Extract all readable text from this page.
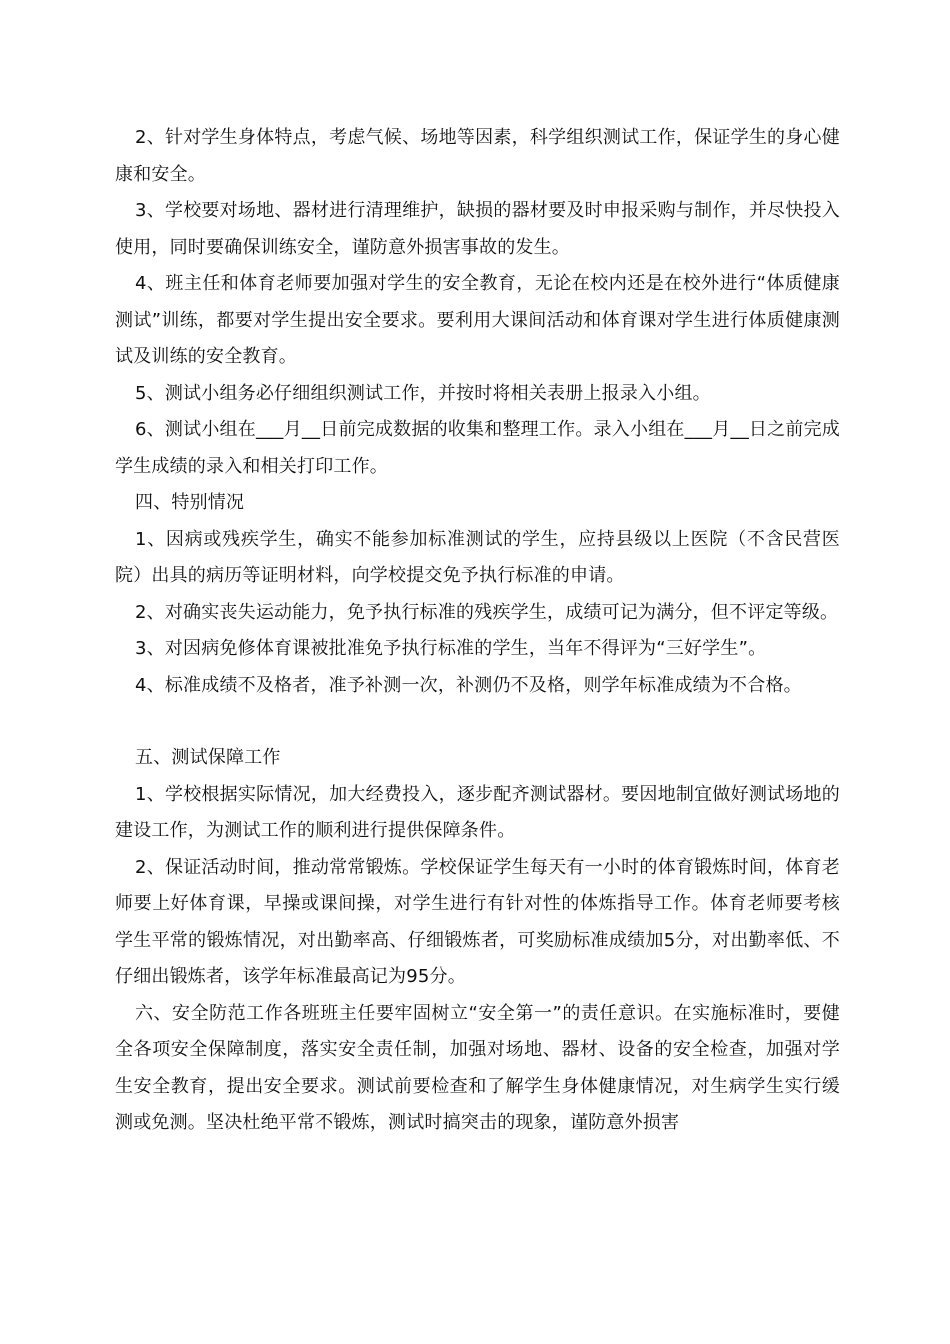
2、针对学生身体特点，考虑气候、场地等因素，科学组织测试工作，保证学生的身心健康和安全。

3、学校要对场地、器材进行清理维护，缺损的器材要及时申报采购与制作，并尽快投入使用，同时要确保训练安全，谨防意外损害事故的发生。

4、班主任和体育老师要加强对学生的安全教育，无论在校内还是在校外进行“体质健康测试”训练，都要对学生提出安全要求。要利用大课间活动和体育课对学生进行体质健康测试及训练的安全教育。

5、测试小组务必仔细组织测试工作，并按时将相关表册上报录入小组。

6、测试小组在___月__日前完成数据的收集和整理工作。录入小组在___月__日之前完成学生成绩的录入和相关打印工作。

四、特别情况

1、因病或残疾学生，确实不能参加标准测试的学生，应持县级以上医院（不含民营医院）出具的病历等证明材料，向学校提交免予执行标准的申请。

2、对确实丧失运动能力，免予执行标准的残疾学生，成绩可记为满分，但不评定等级。

3、对因病免修体育课被批准免予执行标准的学生，当年不得评为“三好学生”。

4、标准成绩不及格者，准予补测一次，补测仍不及格，则学年标准成绩为不合格。

五、测试保障工作

1、学校根据实际情况，加大经费投入，逐步配齐测试器材。要因地制宜做好测试场地的建设工作，为测试工作的顺利进行提供保障条件。

2、保证活动时间，推动常常锻炼。学校保证学生每天有一小时的体育锻炼时间，体育老师要上好体育课，早操或课间操，对学生进行有针对性的体炼指导工作。体育老师要考核学生平常的锻炼情况，对出勤率高、仔细锻炼者，可奖励标准成绩加5分，对出勤率低、不仔细出锻炼者，该学年标准最高记为95分。

六、安全防范工作各班班主任要牢固树立“安全第一”的责任意识。在实施标准时，要健全各项安全保障制度，落实安全责任制，加强对场地、器材、设备的安全检查，加强对学生安全教育，提出安全要求。测试前要检查和了解学生身体健康情况，对生病学生实行缓测或免测。坚决杜绝平常不锻炼，测试时搞突击的现象，谨防意外损害
